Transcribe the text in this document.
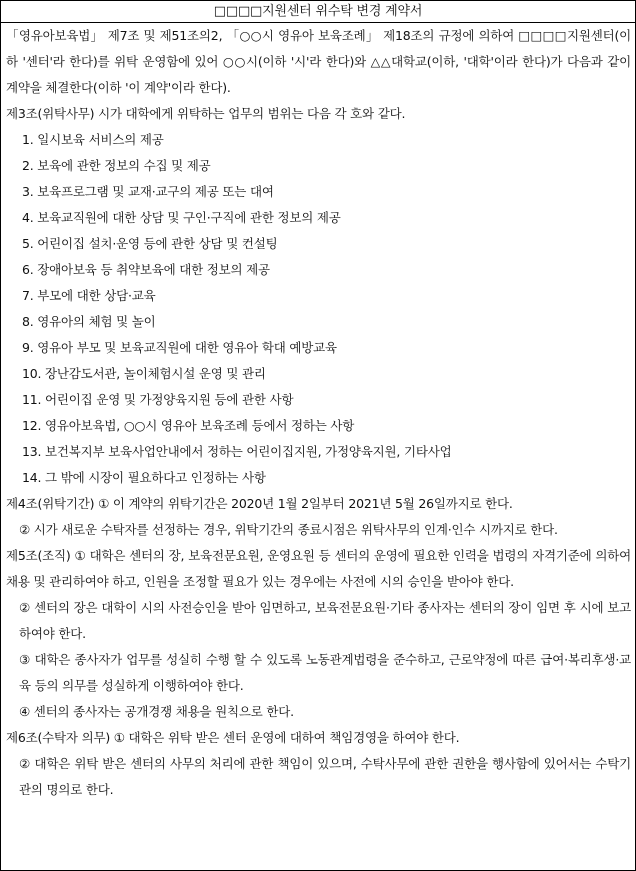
□□□□지원센터 위수탁 변경 계약서

「영유아보육법」 제7조 및 제51조의2, 「○○시 영유아 보육조례」 제18조의 규정에 의하여 □□□□지원센터(이하 '센터'라 한다)를 위탁 운영함에 있어 ○○시(이하 '시'라 한다)와 △△대학교(이하, '대학'이라 한다)가 다음과 같이 계약을 체결한다(이하 '이 계약'이라 한다).

제3조(위탁사무) 시가 대학에게 위탁하는 업무의 범위는 다음 각 호와 같다.

1. 일시보육 서비스의 제공
2. 보육에 관한 정보의 수집 및 제공
3. 보육프로그램 및 교재·교구의 제공 또는 대여
4. 보육교직원에 대한 상담 및 구인·구직에 관한 정보의 제공
5. 어린이집 설치·운영 등에 관한 상담 및 컨설팅
6. 장애아보육 등 취약보육에 대한 정보의 제공
7. 부모에 대한 상담·교육
8. 영유아의 체험 및 놀이
9. 영유아 부모 및 보육교직원에 대한 영유아 학대 예방교육
10. 장난감도서관, 놀이체험시설 운영 및 관리
11. 어린이집 운영 및 가정양육지원 등에 관한 사항
12. 영유아보육법, ○○시 영유아 보육조례 등에서 정하는 사항
13. 보건복지부 보육사업안내에서 정하는 어린이집지원, 가정양육지원, 기타사업
14. 그 밖에 시장이 필요하다고 인정하는 사항

제4조(위탁기간) ① 이 계약의 위탁기간은 2020년 1월 2일부터 2021년 5월 26일까지로 한다.

② 시가 새로운 수탁자를 선정하는 경우, 위탁기간의 종료시점은 위탁사무의 인계·인수 시까지로 한다.

제5조(조직) ① 대학은 센터의 장, 보육전문요원, 운영요원 등 센터의 운영에 필요한 인력을 법령의 자격기준에 의하여 채용 및 관리하여야 하고, 인원을 조정할 필요가 있는 경우에는 사전에 시의 승인을 받아야 한다.

② 센터의 장은 대학이 시의 사전승인을 받아 임면하고, 보육전문요원·기타 종사자는 센터의 장이 임면 후 시에 보고하여야 한다.

③ 대학은 종사자가 업무를 성실히 수행 할 수 있도록 노동관계법령을 준수하고, 근로약정에 따른 급여·복리후생·교육 등의 의무를 성실하게 이행하여야 한다.

④ 센터의 종사자는 공개경쟁 채용을 원칙으로 한다.

제6조(수탁자 의무) ① 대학은 위탁 받은 센터 운영에 대하여 책임경영을 하여야 한다.

② 대학은 위탁 받은 센터의 사무의 처리에 관한 책임이 있으며, 수탁사무에 관한 권한을 행사함에 있어서는 수탁기관의 명의로 한다.
